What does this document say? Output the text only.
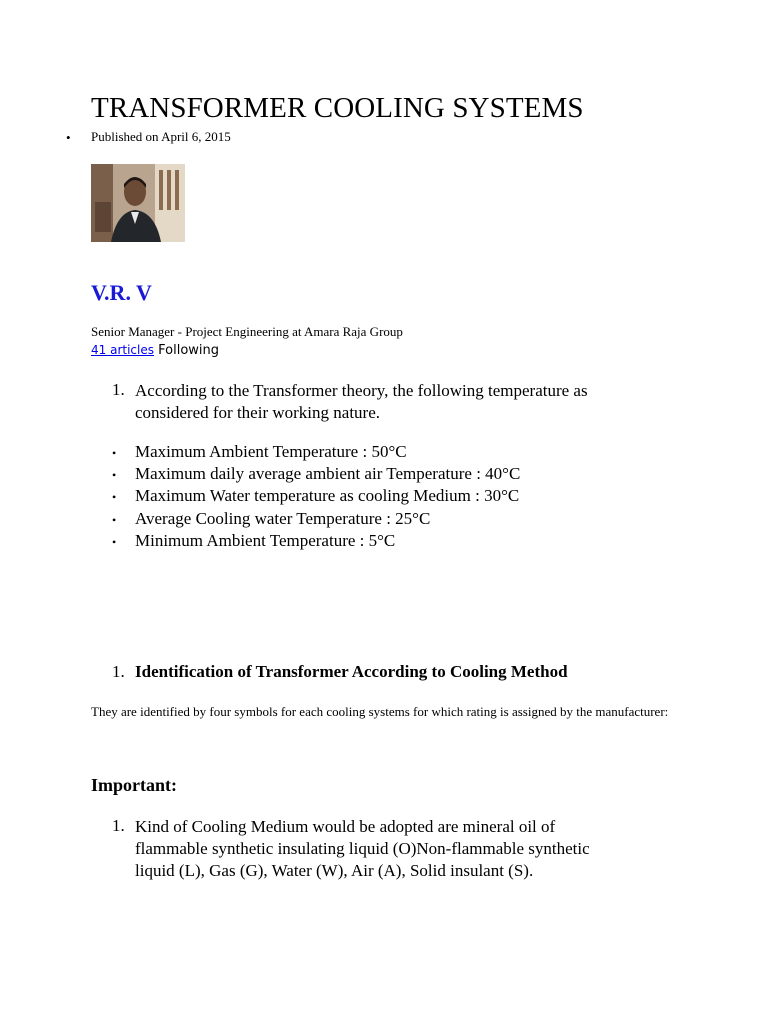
TRANSFORMER COOLING SYSTEMS
• Published on April 6, 2015
V.R. V
Senior Manager - Project Engineering at Amara Raja Group
41 articles Following
1. According to the Transformer theory, the following temperature as
considered for their working nature.
• Maximum Ambient Temperature : 50°C
• Maximum daily average ambient air Temperature : 40°C
• Maximum Water temperature as cooling Medium : 30°C
• Average Cooling water Temperature : 25°C
• Minimum Ambient Temperature : 5°C
1. Identification of Transformer According to Cooling Method
They are identified by four symbols for each cooling systems for which rating is assigned by the manufacturer:
Important:
1. Kind of Cooling Medium would be adopted are mineral oil of
flammable synthetic insulating liquid (O)Non-flammable synthetic
liquid (L), Gas (G), Water (W), Air (A), Solid insulant (S).
